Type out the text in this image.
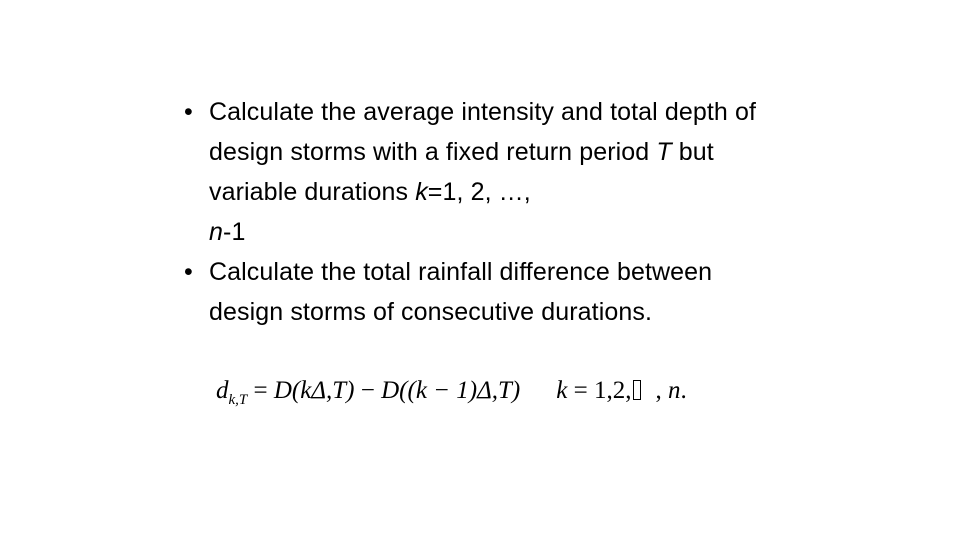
• Calculate the average intensity and total depth of design storms with a fixed return period T but variable durations k=1, 2, …,
n-1
• Calculate the total rainfall difference between design storms of consecutive durations.
$d_{k,T} = D(k\Delta,T) - D((k - 1)\Delta,T) k = 1,2$, , n.
